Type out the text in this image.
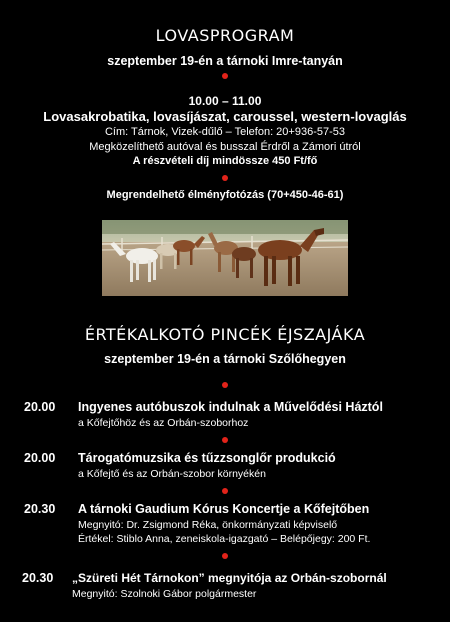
LOVASPROGRAM
szeptember 19-én a tárnoki Imre-tanyán
10.00 – 11.00
Lovasakrobatika, lovasíjászat, caroussel, western-lovaglás
Cím: Tárnok, Vizek-dűlő – Telefon: 20+936-57-53
Megközelíthető autóval és busszal Érdről a Zámori útról
A részvételi díj mindössze 450 Ft/fő
Megrendelhető élményfotózás (70+450-46-61)
ÉRTÉKALKOTÓ PINCÉK ÉJSZAJÁKA
szeptember 19-én a tárnoki Szőlőhegyen
20.00 Ingyenes autóbuszok indulnak a Művelődési Háztól
a Kőfejtőhöz és az Orbán-szoborhoz
20.00 Tárogatómuzsika és tűzzsonglőr produkció
a Kőfejtő és az Orbán-szobor környékén
20.30 A tárnoki Gaudium Kórus Koncertje a Kőfejtőben
Megnyitó: Dr. Zsigmond Réka, önkormányzati képviselő
Értékel: Stiblo Anna, zeneiskola-igazgató – Belépőjegy: 200 Ft.
20.30 „Szüreti Hét Tárnokon” megnyitója az Orbán-szobornál
Megnyitó: Szolnoki Gábor polgármester
